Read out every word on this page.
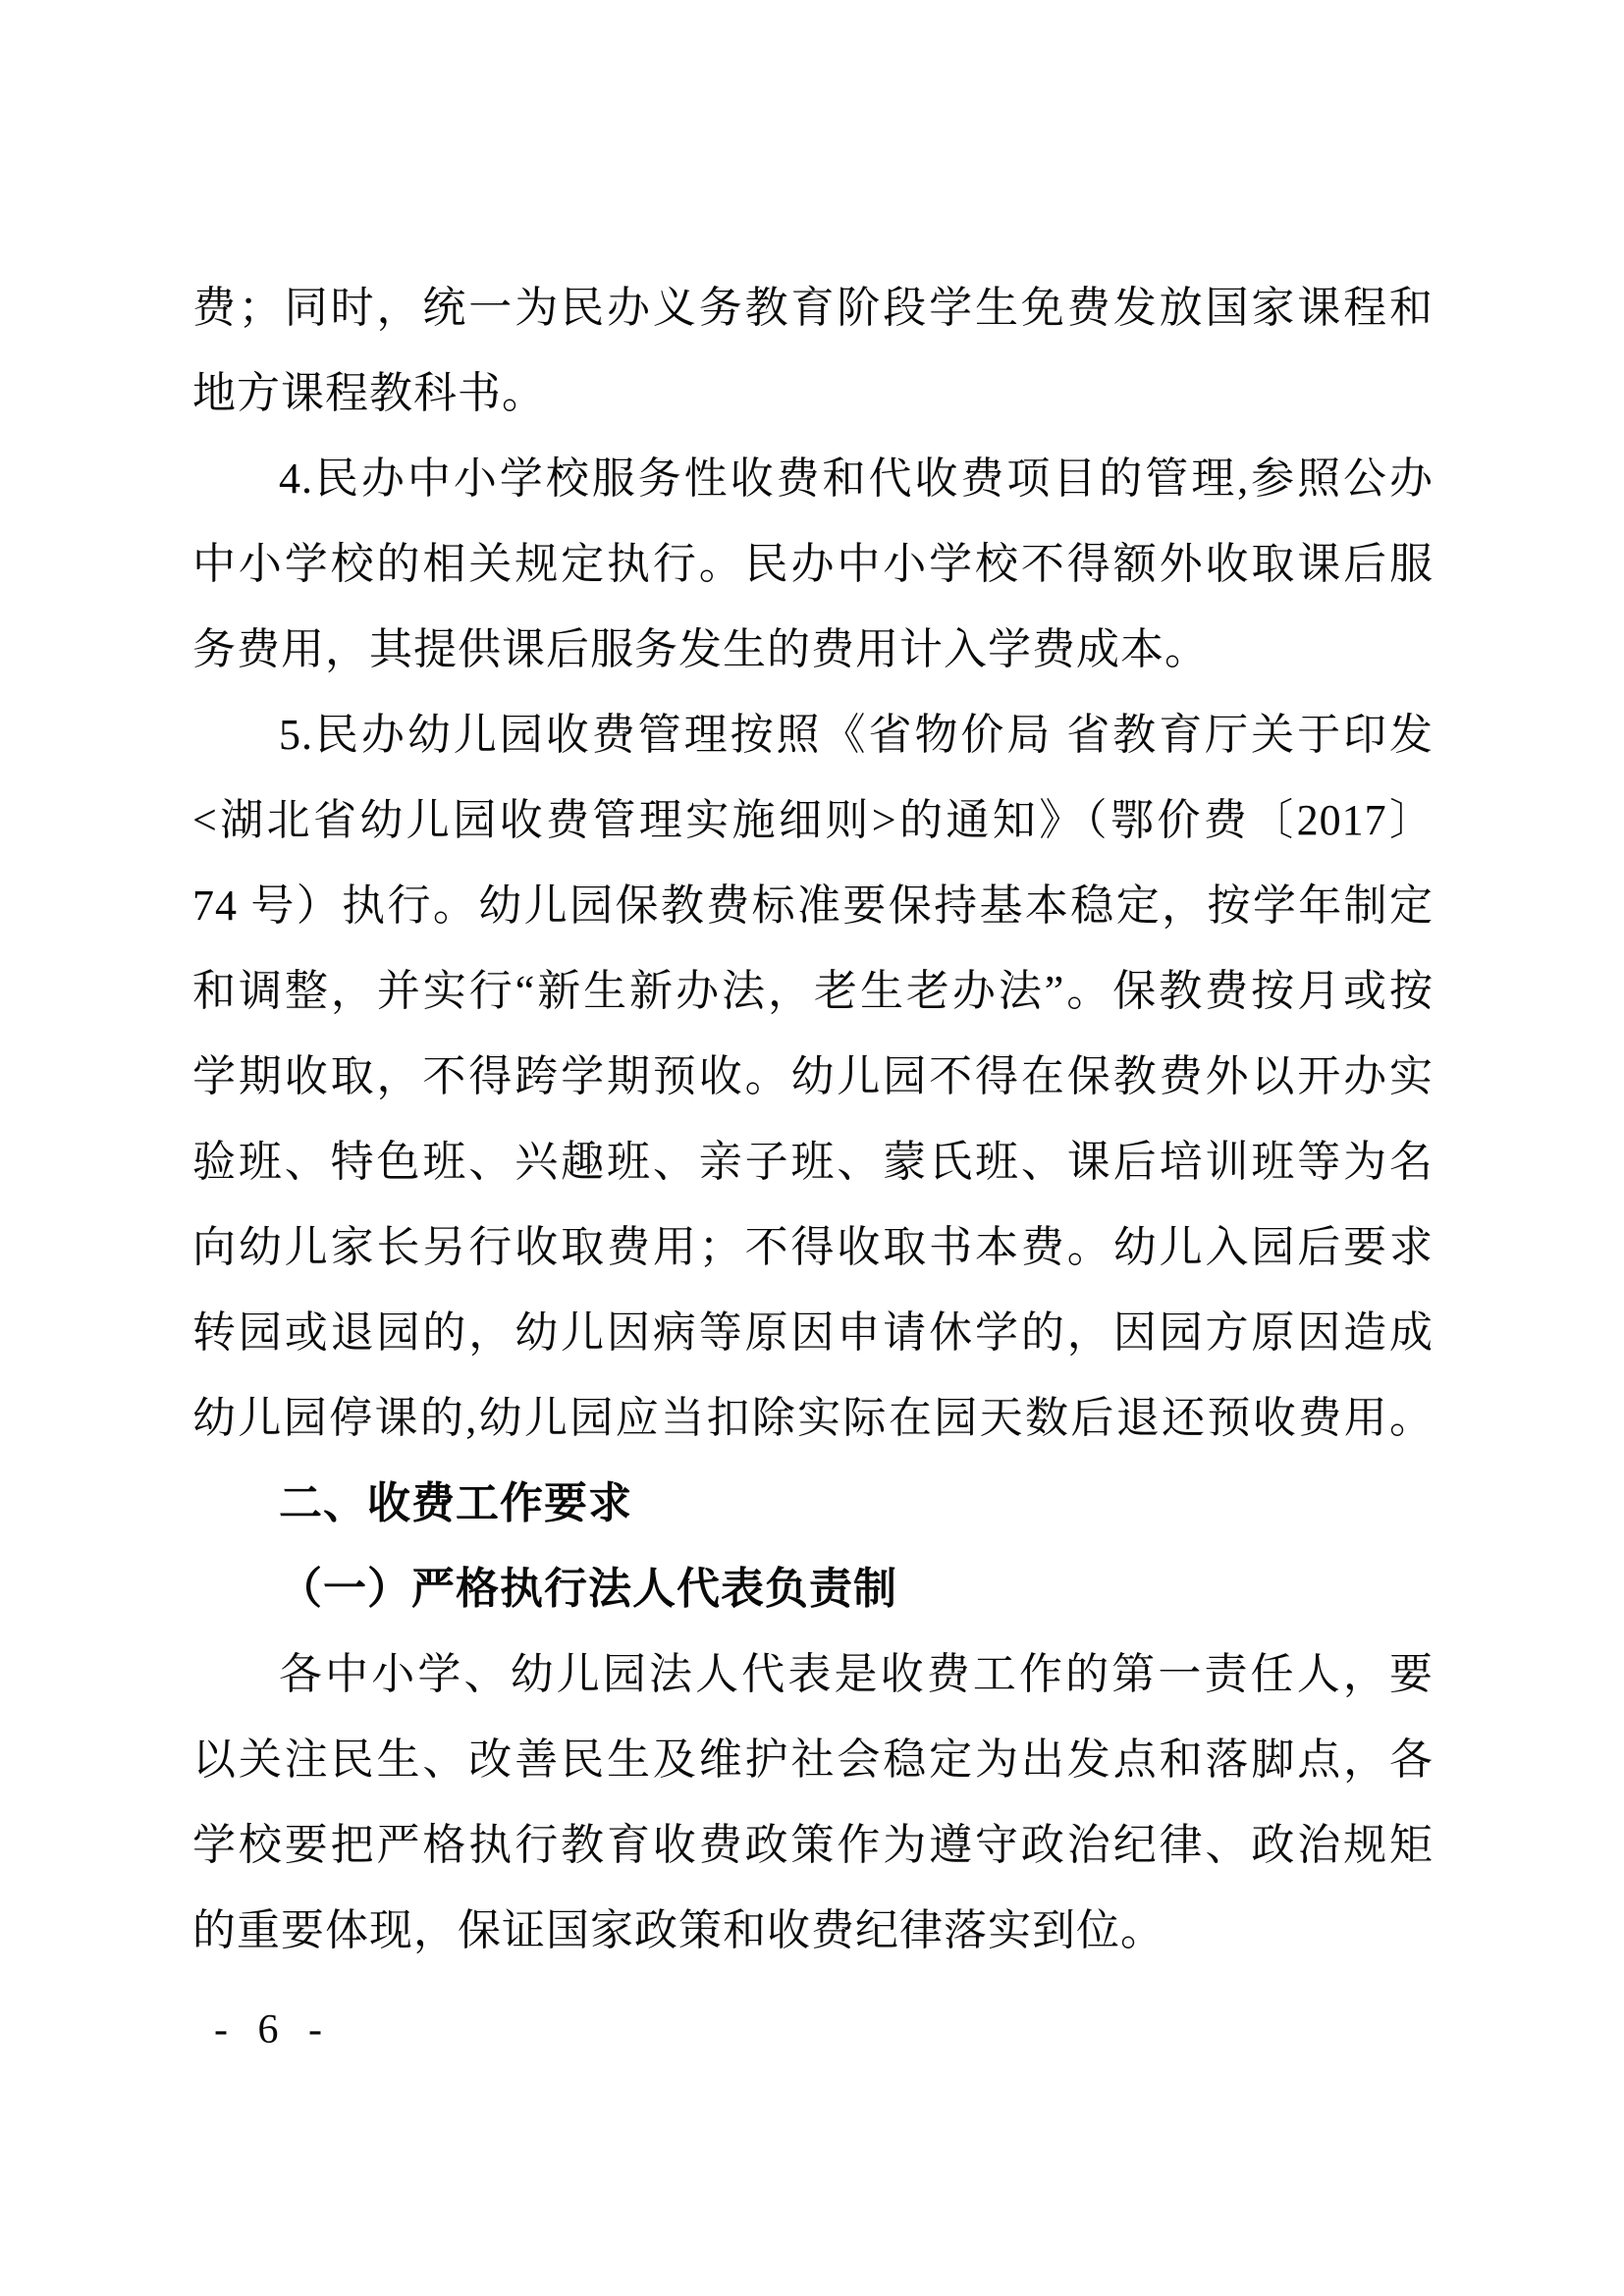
费；同时，统一为民办义务教育阶段学生免费发放国家课程和
地方课程教科书。
4.民办中小学校服务性收费和代收费项目的管理,参照公办
中小学校的相关规定执行。民办中小学校不得额外收取课后服
务费用，其提供课后服务发生的费用计入学费成本。
5.民办幼儿园收费管理按照《省物价局 省教育厅关于印发
<湖北省幼儿园收费管理实施细则>的通知》（鄂价费〔2017〕
74 号）执行。幼儿园保教费标准要保持基本稳定，按学年制定
和调整，并实行“新生新办法，老生老办法”。保教费按月或按
学期收取，不得跨学期预收。幼儿园不得在保教费外以开办实
验班、特色班、兴趣班、亲子班、蒙氏班、课后培训班等为名
向幼儿家长另行收取费用；不得收取书本费。幼儿入园后要求
转园或退园的，幼儿因病等原因申请休学的，因园方原因造成
幼儿园停课的,幼儿园应当扣除实际在园天数后退还预收费用。
二、收费工作要求
（一）严格执行法人代表负责制
各中小学、幼儿园法人代表是收费工作的第一责任人，要
以关注民生、改善民生及维护社会稳定为出发点和落脚点，各
学校要把严格执行教育收费政策作为遵守政治纪律、政治规矩
的重要体现，保证国家政策和收费纪律落实到位。
- 6 -
